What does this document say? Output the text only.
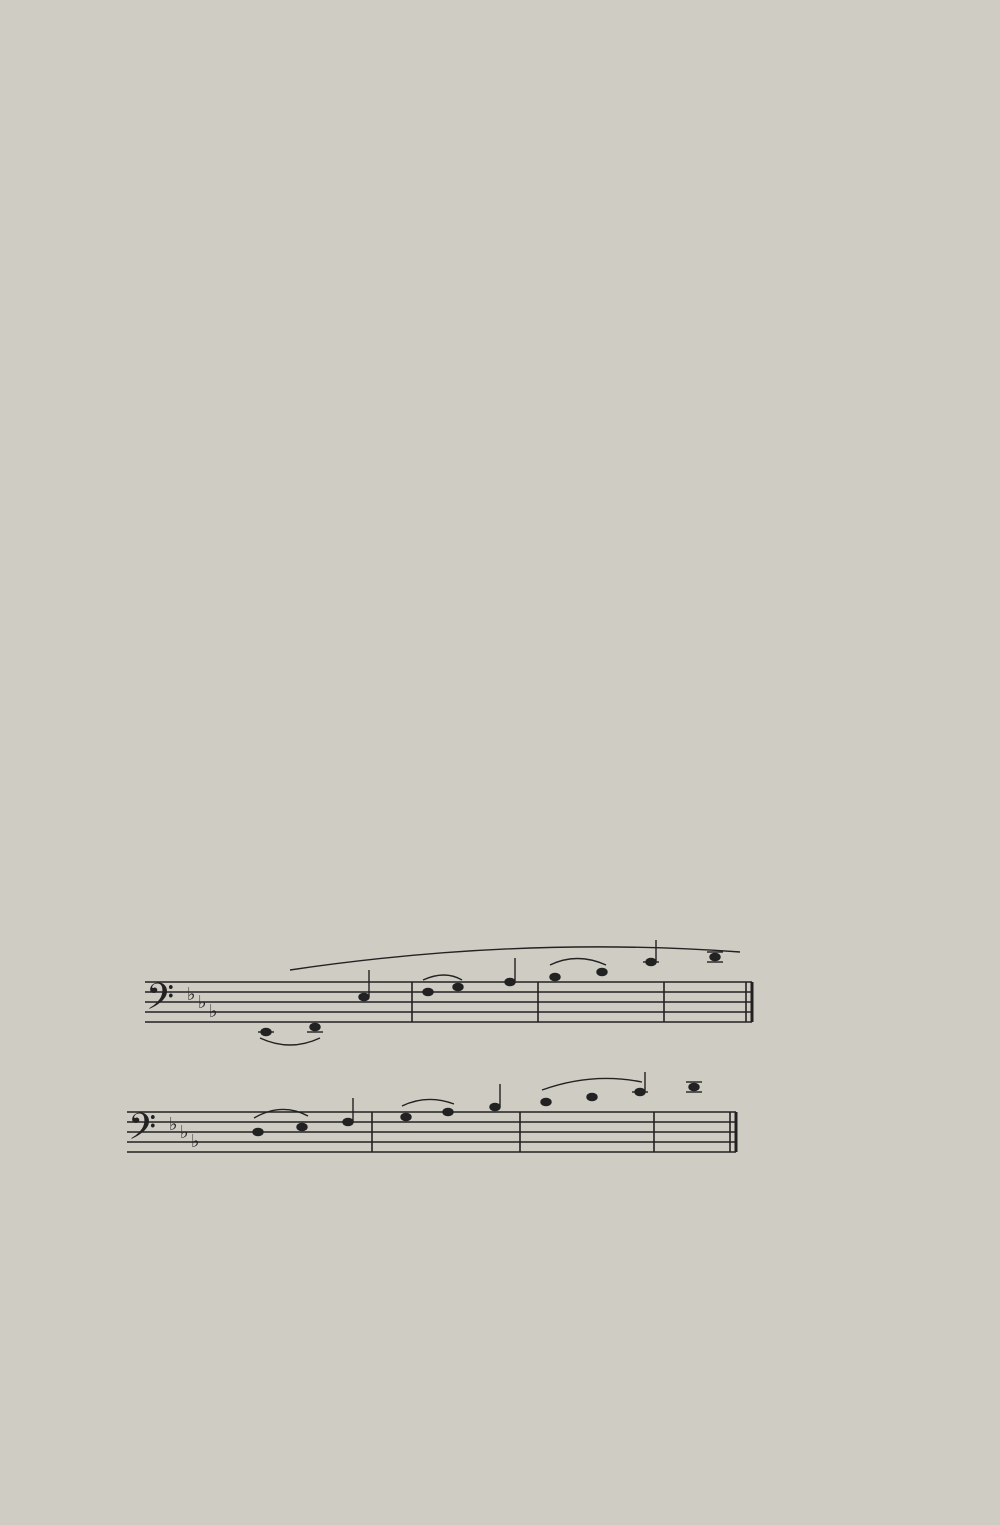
𝄢 ♭ ♭ ♭
𝄢 ♭ ♭ ♭
